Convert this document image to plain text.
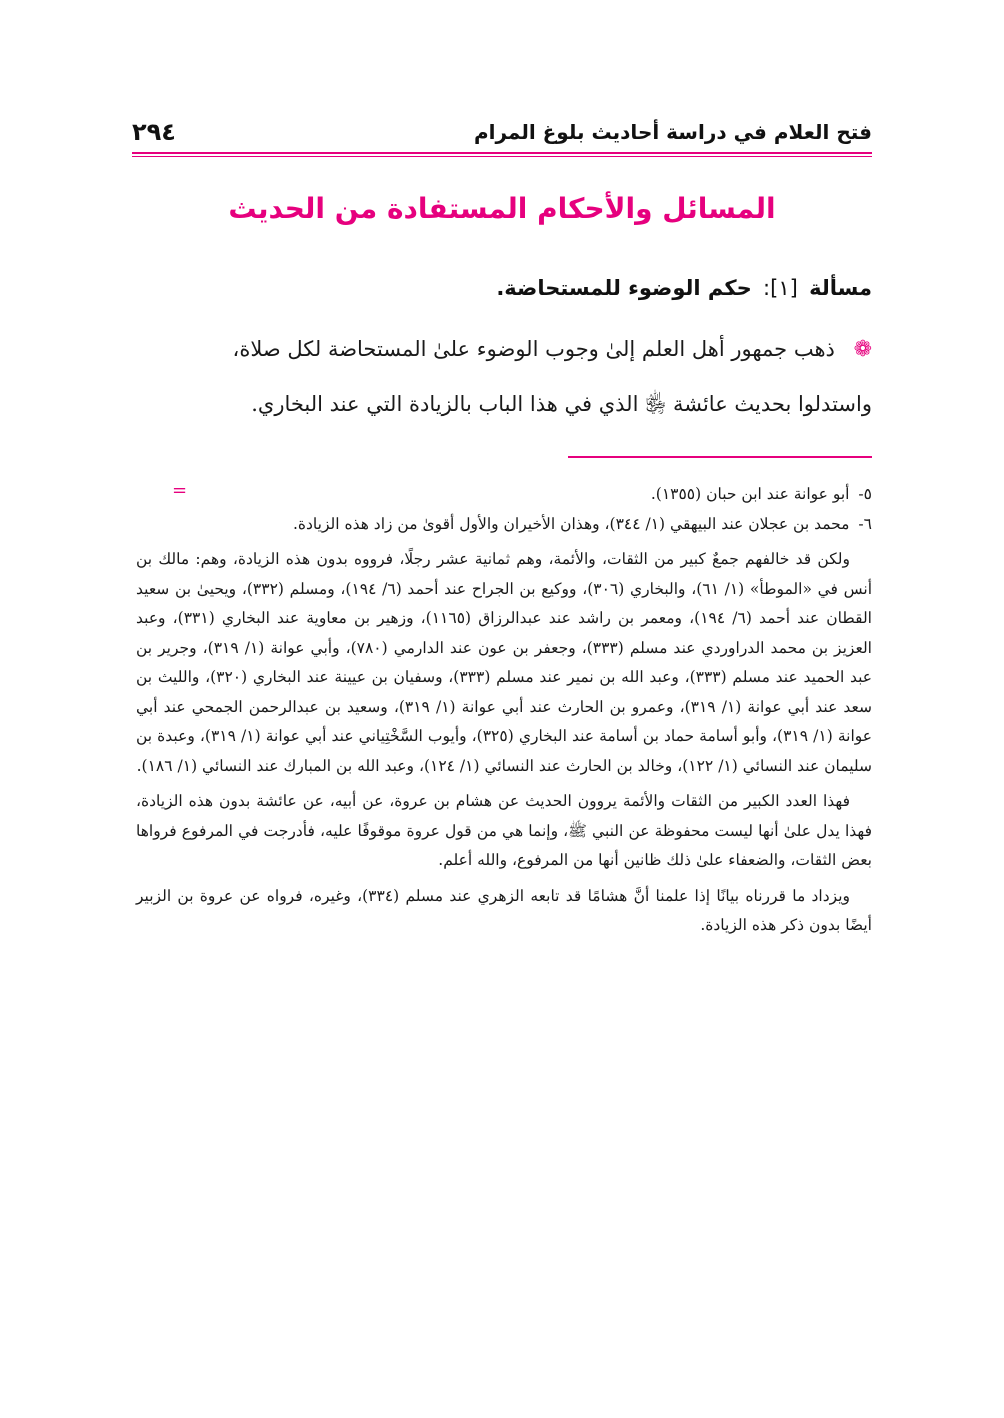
فتح العلام في دراسة أحاديث بلوغ المرام
٢٩٤
المسائل والأحكام المستفادة من الحديث
مسألة [١]: حكم الوضوء للمستحاضة.
❁ ذهب جمهور أهل العلم إلىٰ وجوب الوضوء علىٰ المستحاضة لكل صلاة،
واستدلوا بحديث عائشة ﵂ الذي في هذا الباب بالزيادة التي عند البخاري.
=	٥- أبو عوانة عند ابن حبان (١٣٥٥).

٦- محمد بن عجلان عند البيهقي (١/ ٣٤٤)، وهذان الأخيران والأول أقوىٰ من زاد هذه الزيادة.

ولكن قد خالفهم جمعٌ كبير من الثقات، والأئمة، وهم ثمانية عشر رجلًا، فرووه بدون هذه الزيادة، وهم: مالك بن أنس في «الموطأ» (١/ ٦١)، والبخاري (٣٠٦)، ووكيع بن الجراح عند أحمد (٦/ ١٩٤)، ومسلم (٣٣٢)، ويحيىٰ بن سعيد القطان عند أحمد (٦/ ١٩٤)، ومعمر بن راشد عند عبدالرزاق (١١٦٥)، وزهير بن معاوية عند البخاري (٣٣١)، وعبد العزيز بن محمد الدراوردي عند مسلم (٣٣٣)، وجعفر بن عون عند الدارمي (٧٨٠)، وأبي عوانة (١/ ٣١٩)، وجرير بن عبد الحميد عند مسلم (٣٣٣)، وعبد الله بن نمير عند مسلم (٣٣٣)، وسفيان بن عيينة عند البخاري (٣٢٠)، والليث بن سعد عند أبي عوانة (١/ ٣١٩)، وعمرو بن الحارث عند أبي عوانة (١/ ٣١٩)، وسعيد بن عبدالرحمن الجمحي عند أبي عوانة (١/ ٣١٩)، وأبو أسامة حماد بن أسامة عند البخاري (٣٢٥)، وأيوب السَّخْتِياني عند أبي عوانة (١/ ٣١٩)، وعبدة بن سليمان عند النسائي (١/ ١٢٢)، وخالد بن الحارث عند النسائي (١/ ١٢٤)، وعبد الله بن المبارك عند النسائي (١/ ١٨٦).

فهذا العدد الكبير من الثقات والأئمة يروون الحديث عن هشام بن عروة، عن أبيه، عن عائشة بدون هذه الزيادة، فهذا يدل علىٰ أنها ليست محفوظة عن النبي ﷺ، وإنما هي من قول عروة موقوفًا عليه، فأدرجت في المرفوع فرواها بعض الثقات، والضعفاء علىٰ ذلك ظانين أنها من المرفوع، والله أعلم.

ويزداد ما قررناه بيانًا إذا علمنا أنَّ هشامًا قد تابعه الزهري عند مسلم (٣٣٤)، وغيره، فرواه عن عروة بن الزبير أيضًا بدون ذكر هذه الزيادة.
